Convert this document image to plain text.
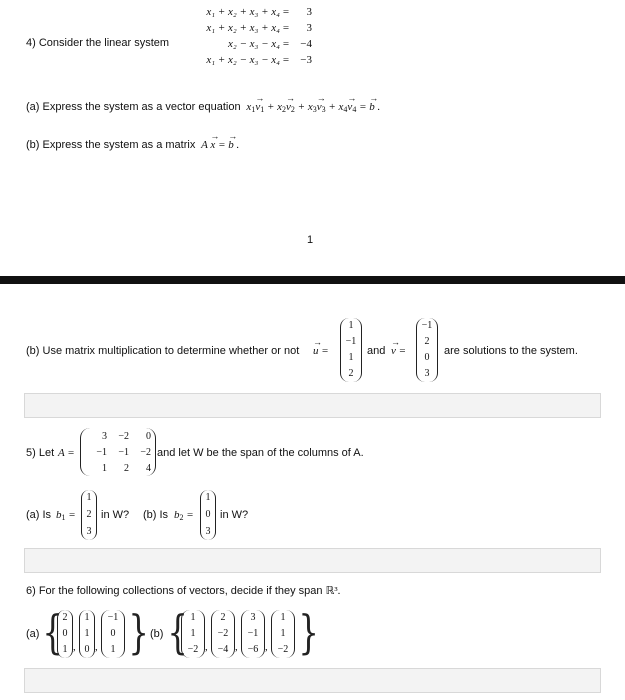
4) Consider the linear system
x₁ + x₂ + x₃ + x₄ =	3
x₁ + x₂ + x₃ + x₄ =	3
x₂ − x₃ − x₄ =	−4
x₁ + x₂ − x₃ − x₄ =	−3
(a) Express the system as a vector equation  $x_1\to v_1 + x_2\to v_2 + x_3\to v_3 + x_4\to v_4$ = → b .
(b) Express the system as a matrix  A → x = → b .
1
(b) Use matrix multiplication to determine whether or not → u =
1
−1
1
2
and → v =
−1
2
0
3
are solutions to the system.
5) Let A =
3 −2 0
−1 −1 −2
1 2 4
and let W be the span of the columns of A.
(a) Is $b_1$ =
1
2
3
in W? (b) Is $b_2$ =
1
0
3
in W?
6) For the following collections of vectors, decide if they span ℝ³.
(a) { 2
0
1 ,
1
1
0 ,
−1
0
1 } (b) { 1
1
−2 ,
2
−2
−4 ,
3
−1
−6 ,
1
1
−2 }
